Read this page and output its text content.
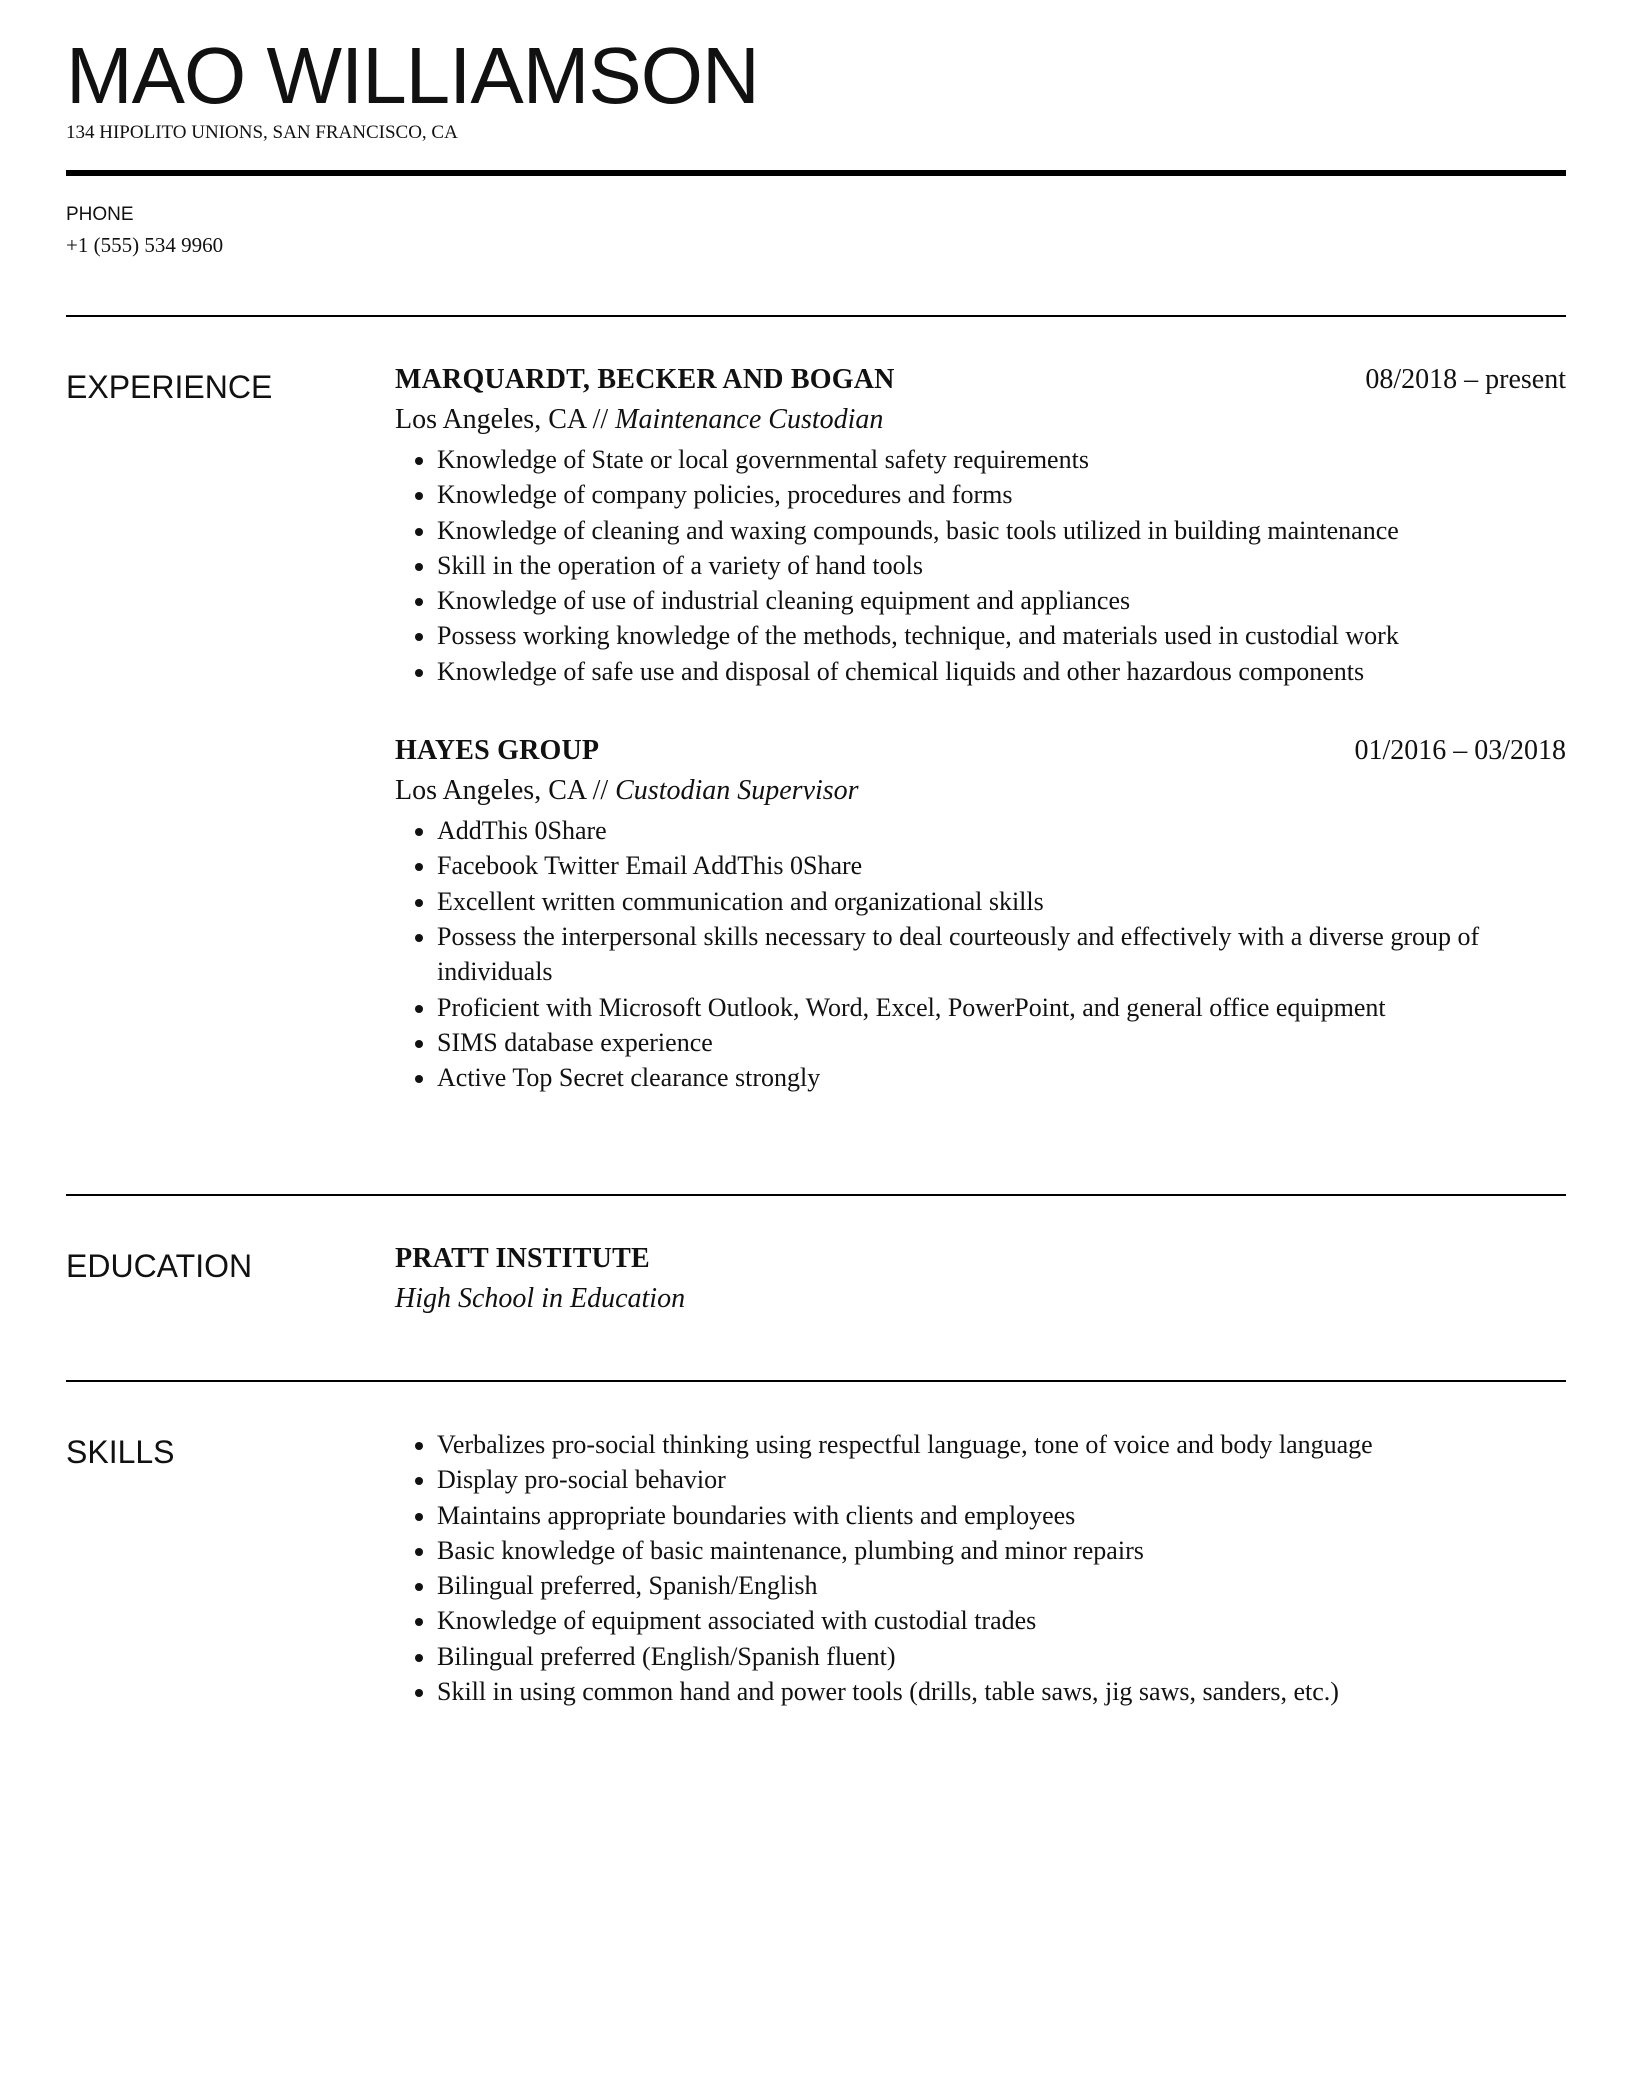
MAO WILLIAMSON
134 HIPOLITO UNIONS, SAN FRANCISCO, CA
PHONE
+1 (555) 534 9960
EXPERIENCE	MARQUARDT, BECKER AND BOGAN	08/2018 – present
Los Angeles, CA // Maintenance Custodian
• Knowledge of State or local governmental safety requirements
• Knowledge of company policies, procedures and forms
• Knowledge of cleaning and waxing compounds, basic tools utilized in building maintenance
• Skill in the operation of a variety of hand tools
• Knowledge of use of industrial cleaning equipment and appliances
• Possess working knowledge of the methods, technique, and materials used in custodial work
• Knowledge of safe use and disposal of chemical liquids and other hazardous components
HAYES GROUP	01/2016 – 03/2018
Los Angeles, CA // Custodian Supervisor
• AddThis 0Share
• Facebook Twitter Email AddThis 0Share
• Excellent written communication and organizational skills
• Possess the interpersonal skills necessary to deal courteously and effectively with a diverse group of individuals
• Proficient with Microsoft Outlook, Word, Excel, PowerPoint, and general office equipment
• SIMS database experience
• Active Top Secret clearance strongly
EDUCATION	PRATT INSTITUTE
High School in Education
SKILLS
•	Verbalizes pro-social thinking using respectful language, tone of voice and body language
• Display pro-social behavior
• Maintains appropriate boundaries with clients and employees
• Basic knowledge of basic maintenance, plumbing and minor repairs
• Bilingual preferred, Spanish/English
• Knowledge of equipment associated with custodial trades
• Bilingual preferred (English/Spanish fluent)
• Skill in using common hand and power tools (drills, table saws, jig saws, sanders, etc.)
